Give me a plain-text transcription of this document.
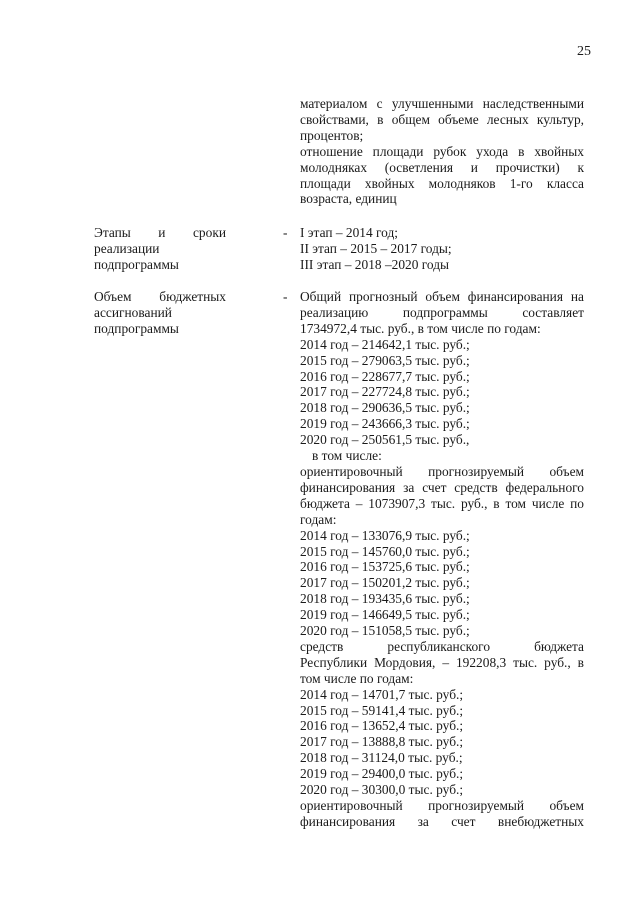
25
материалом с улучшенными наследственными
свойствами, в общем объеме лесных культур,
процентов;
отношение площади рубок ухода в хвойных
молодняках (осветления и прочистки) к
площади хвойных молодняков 1-го класса
возраста, единиц
Этапы и сроки
реализации
подпрограммы
- I этап – 2014 год;
II этап – 2015 – 2017 годы;
III этап – 2018 –2020 годы
Объем бюджетных
ассигнований
подпрограммы
- Общий прогнозный объем финансирования на
реализацию подпрограммы составляет
1734972,4 тыс. руб., в том числе по годам:
2014 год – 214642,1 тыс. руб.;
2015 год – 279063,5 тыс. руб.;
2016 год – 228677,7 тыс. руб.;
2017 год – 227724,8 тыс. руб.;
2018 год – 290636,5 тыс. руб.;
2019 год – 243666,3 тыс. руб.;
2020 год – 250561,5 тыс. руб.,
в том числе:
ориентировочный прогнозируемый объем
финансирования за счет средств федерального
бюджета – 1073907,3 тыс. руб., в том числе по
годам:
2014 год – 133076,9 тыс. руб.;
2015 год – 145760,0 тыс. руб.;
2016 год – 153725,6 тыс. руб.;
2017 год – 150201,2 тыс. руб.;
2018 год – 193435,6 тыс. руб.;
2019 год – 146649,5 тыс. руб.;
2020 год – 151058,5 тыс. руб.;
средств республиканского бюджета
Республики Мордовия, – 192208,3 тыс. руб., в
том числе по годам:
2014 год – 14701,7 тыс. руб.;
2015 год – 59141,4 тыс. руб.;
2016 год – 13652,4 тыс. руб.;
2017 год – 13888,8 тыс. руб.;
2018 год – 31124,0 тыс. руб.;
2019 год – 29400,0 тыс. руб.;
2020 год – 30300,0 тыс. руб.;
ориентировочный прогнозируемый объем
финансирования за счет внебюджетных
